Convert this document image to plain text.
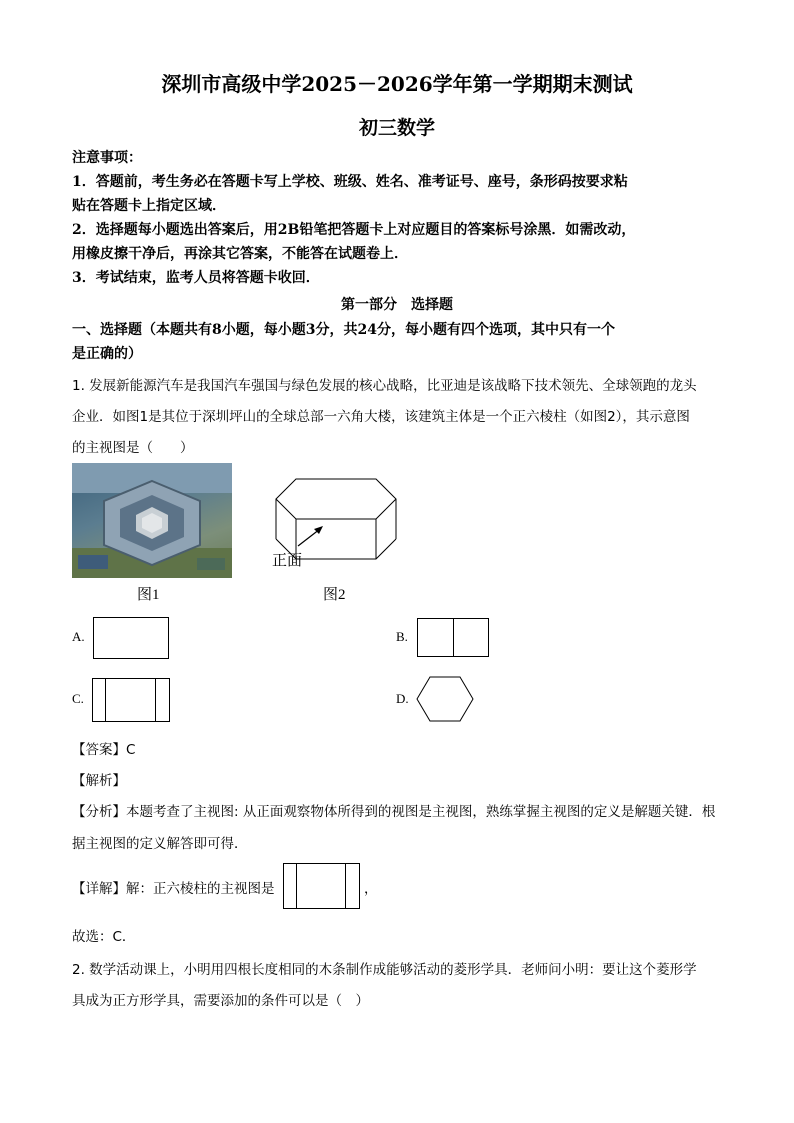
深圳市高级中学2025－2026学年第一学期期末测试
初三数学
注意事项：
1．答题前，考生务必在答题卡写上学校、班级、姓名、准考证号、座号，条形码按要求粘
贴在答题卡上指定区域．
2．选择题每小题选出答案后，用2B铅笔把答题卡上对应题目的答案标号涂黑．如需改动，
用橡皮擦干净后，再涂其它答案，不能答在试题卷上．
3．考试结束，监考人员将答题卡收回．
第一部分　选择题
一、选择题（本题共有8小题，每小题3分，共24分，每小题有四个选项，其中只有一个
是正确的）
1. 发展新能源汽车是我国汽车强国与绿色发展的核心战略，比亚迪是该战略下技术领先、全球领跑的龙头
企业．如图1是其位于深圳坪山的全球总部一六角大楼，该建筑主体是一个正六棱柱（如图2），其示意图
的主视图是（　　）
图1
正面
图2
A.	B.
C.	D.
【答案】C
【解析】
【分析】本题考查了主视图: 从正面观察物体所得到的视图是主视图，熟练掌握主视图的定义是解题关键．根
据主视图的定义解答即可得．
【详解】解：正六棱柱的主视图是	，
故选：C．
2. 数学活动课上，小明用四根长度相同的木条制作成能够活动的菱形学具．老师问小明：要让这个菱形学
具成为正方形学具，需要添加的条件可以是（　）
